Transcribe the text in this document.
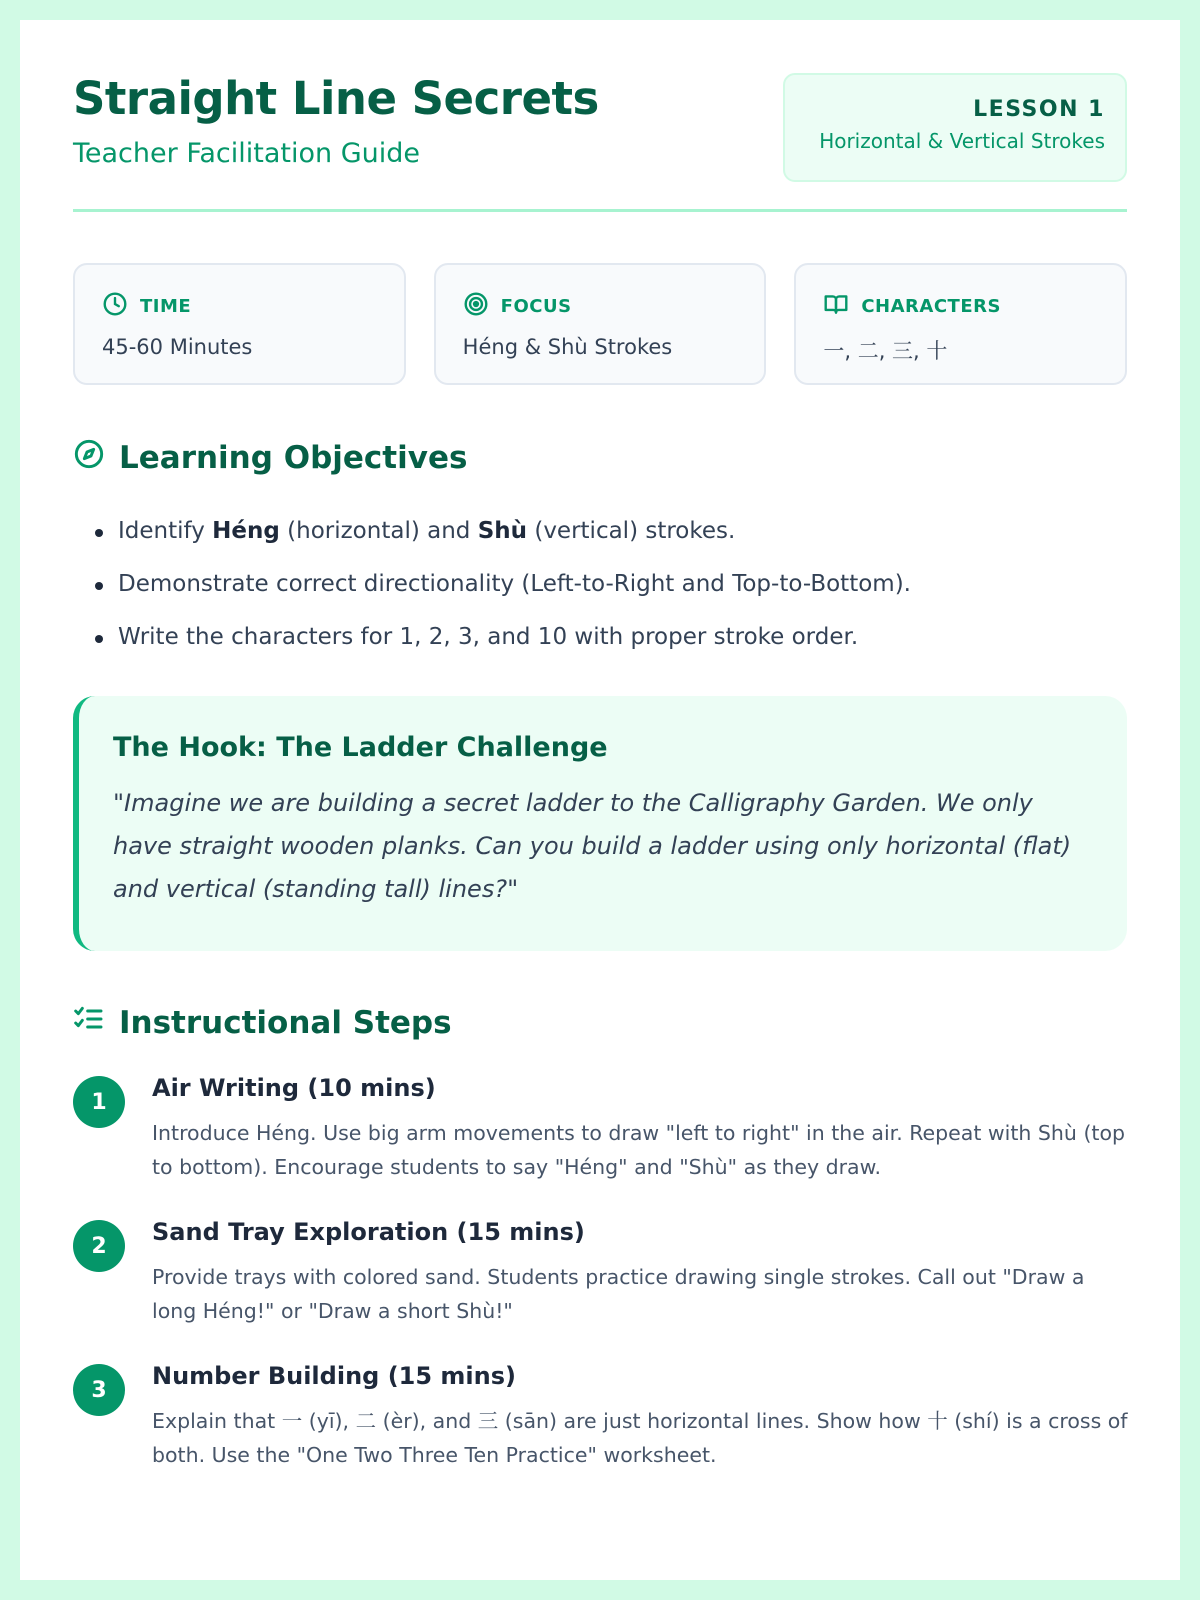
Straight Line Secrets
Teacher Facilitation Guide
LESSON 1
Horizontal & Vertical Strokes
TIME
45-60 Minutes
FOCUS
Héng & Shù Strokes
CHARACTERS
一, 二, 三, 十
Learning Objectives
Identify Héng (horizontal) and Shù (vertical) strokes.
Demonstrate correct directionality (Left-to-Right and Top-to-Bottom).
Write the characters for 1, 2, 3, and 10 with proper stroke order.
The Hook: The Ladder Challenge
"Imagine we are building a secret ladder to the Calligraphy Garden. We only have straight wooden planks. Can you build a ladder using only horizontal (flat) and vertical (standing tall) lines?"
Instructional Steps
1	Air Writing (10 mins)
Introduce Héng. Use big arm movements to draw "left to right" in the air. Repeat with Shù (top to bottom). Encourage students to say "Héng" and "Shù" as they draw.
2	Sand Tray Exploration (15 mins)
Provide trays with colored sand. Students practice drawing single strokes. Call out "Draw a long Héng!" or "Draw a short Shù!"
3	Number Building (15 mins)
Explain that 一 (yī), 二 (èr), and 三 (sān) are just horizontal lines. Show how 十 (shí) is a cross of both. Use the "One Two Three Ten Practice" worksheet.
